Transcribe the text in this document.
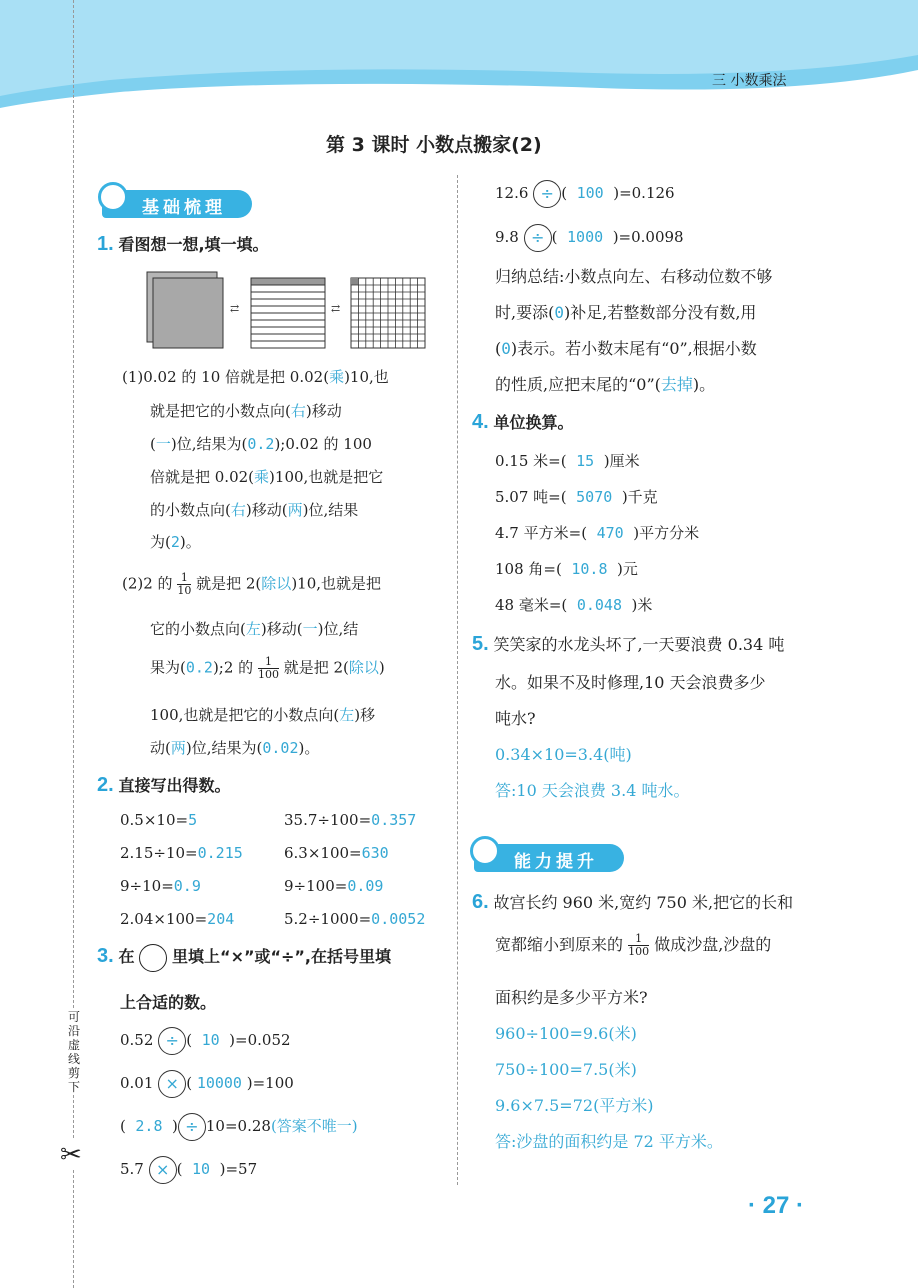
三 小数乘法
可沿虚线剪下
✂
第 3 课时 小数点搬家(2)
基础梳理
1. 看图想一想,填一填。
⇄	⇄
(1)0.02 的 10 倍就是把 0.02(乘)10,也
就是把它的小数点向(右)移动
(一)位,结果为(0.2);0.02 的 100
倍就是把 0.02(乘)100,也就是把它
的小数点向(右)移动(两)位,结果
为(2)。
(2)2 的 $\frac{1}{10}$ 就是把 2(除以)10,也就是把
它的小数点向(左)移动(一)位,结
果为(0.2);2 的 $\frac{1}{100}$ 就是把 2(除以)
100,也就是把它的小数点向(左)移
动(两)位,结果为(0.02)。
2. 直接写出得数。
0.5×10=5	35.7÷100=0.357
2.15÷10=0.215	6.3×100=630
9÷10=0.9	9÷100=0.09
2.04×100=204	5.2÷1000=0.0052
3. 在 里填上“×”或“÷”,在括号里填
上合适的数。
0.52 ÷ (  10  )=0.052
0.01 × ( 10000 )=100
(  2.8  ) ÷ 10=0.28(答案不唯一)
5.7 × (  10  )=57
12.6 ÷ (  100  )=0.126
9.8 ÷ (  1000  )=0.0098
归纳总结:小数点向左、右移动位数不够
时,要添(0)补足,若整数部分没有数,用
(0)表示。若小数末尾有“0”,根据小数
的性质,应把末尾的“0”(去掉)。
4. 单位换算。
0.15 米=( 15 )厘米
5.07 吨=( 5070 )千克
4.7 平方米=( 470 )平方分米
108 角=( 10.8 )元
48 毫米=( 0.048 )米
5. 笑笑家的水龙头坏了,一天要浪费 0.34 吨
水。如果不及时修理,10 天会浪费多少
吨水?
0.34×10=3.4(吨)
答:10 天会浪费 3.4 吨水。
能力提升
6. 故宫长约 960 米,宽约 750 米,把它的长和
宽都缩小到原来的 $\frac{1}{100}$ 做成沙盘,沙盘的
面积约是多少平方米?
960÷100=9.6(米)
750÷100=7.5(米)
9.6×7.5=72(平方米)
答:沙盘的面积约是 72 平方米。
· 27 ·
